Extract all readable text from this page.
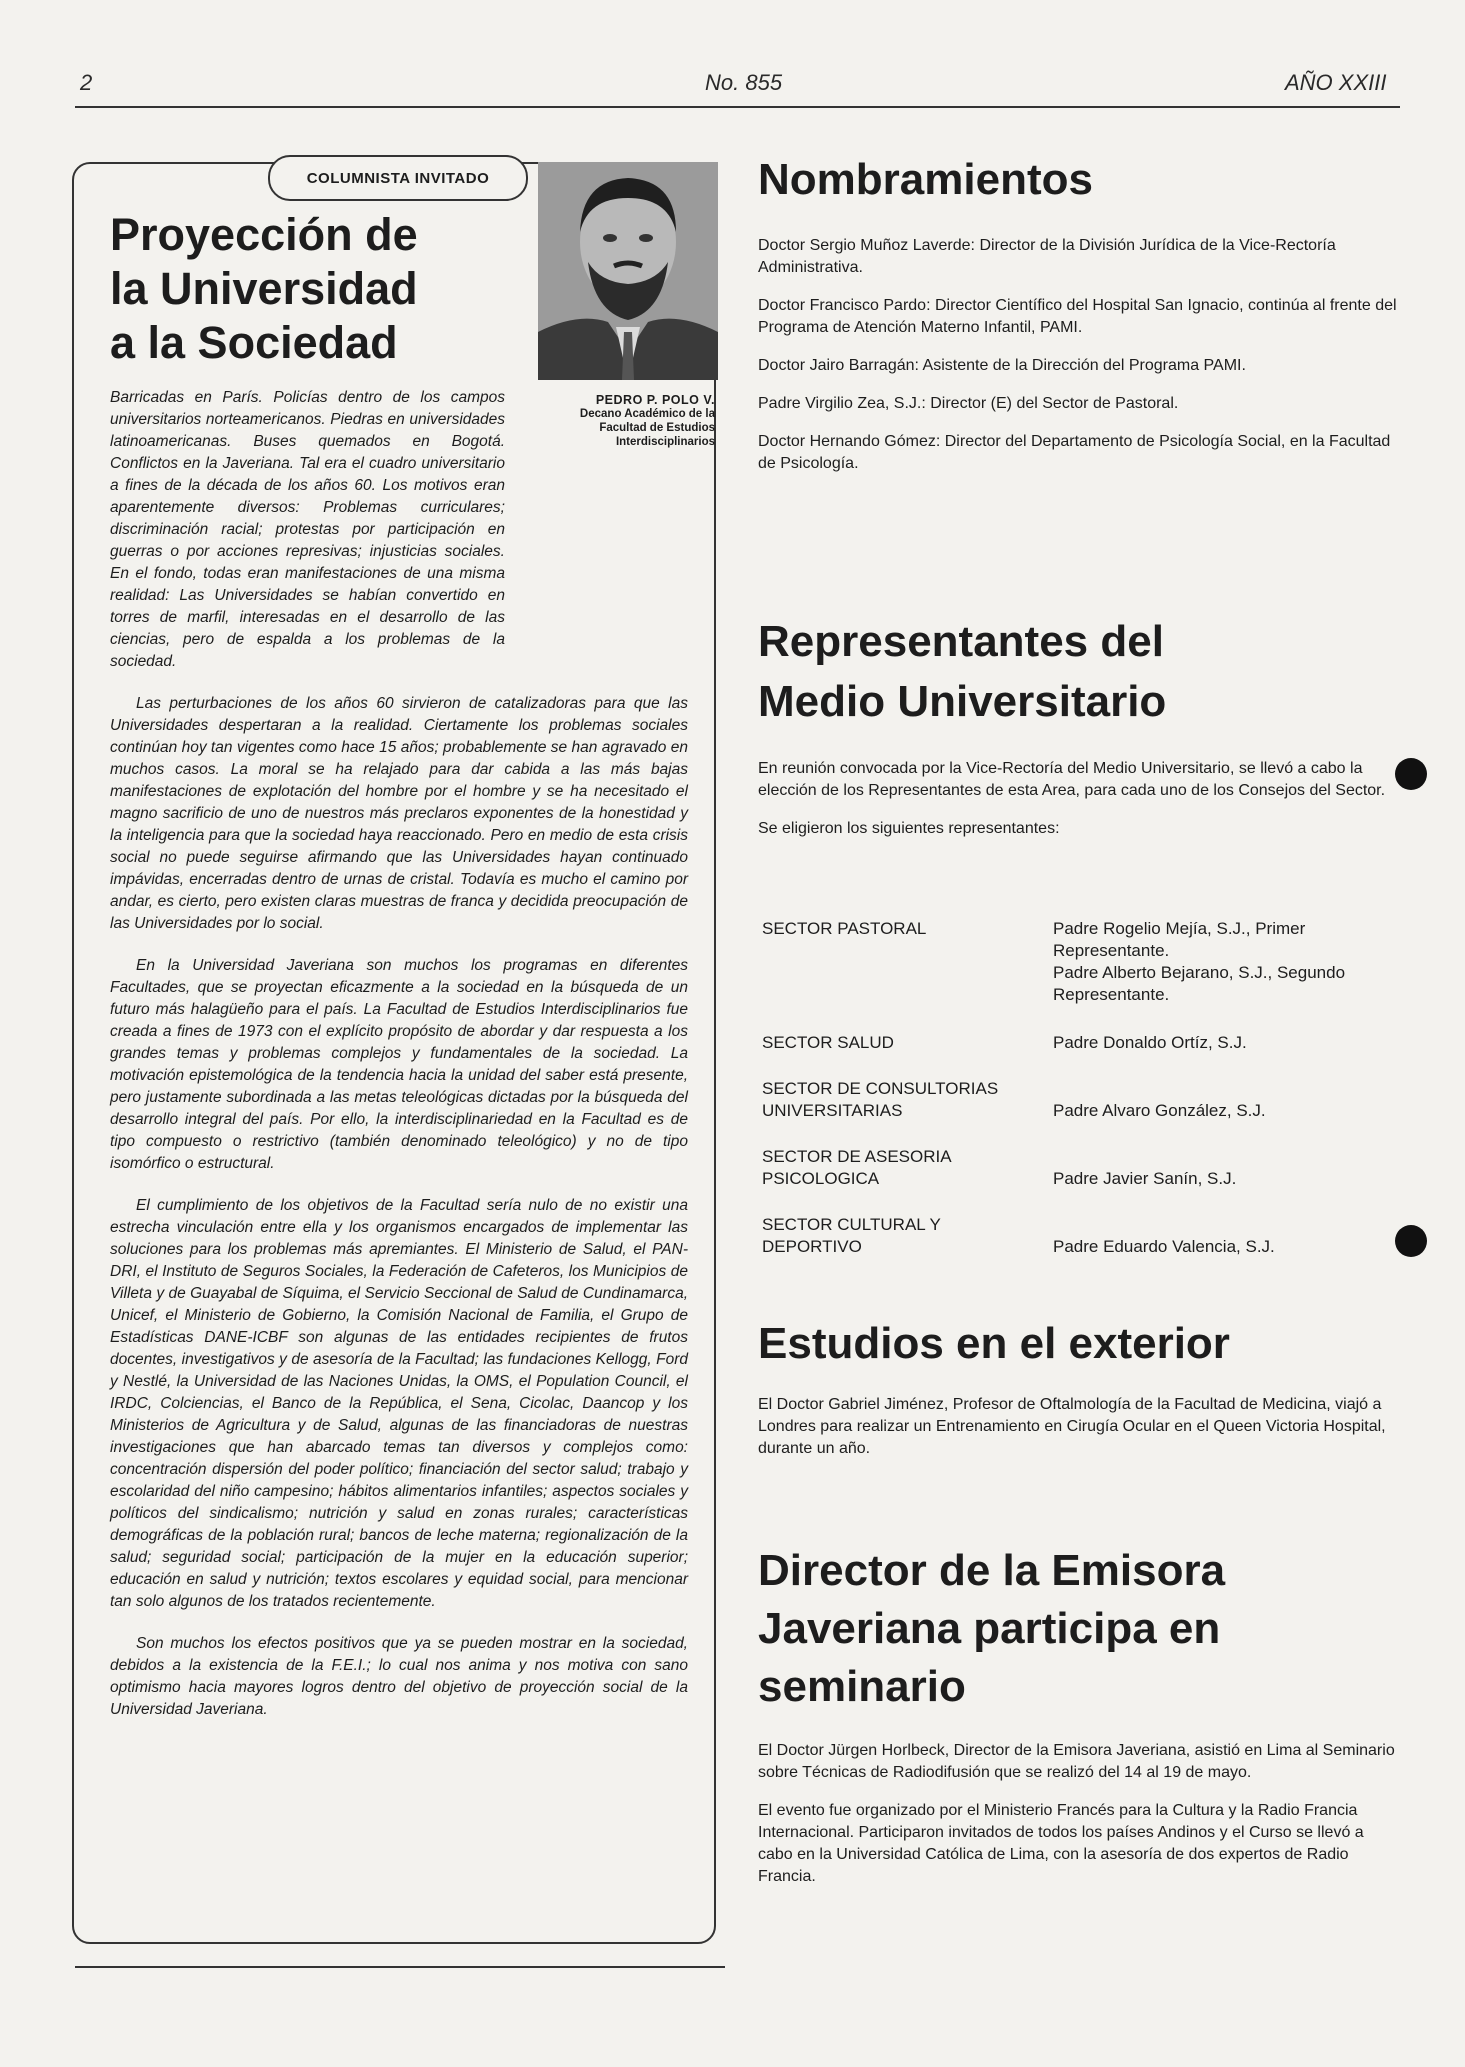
2	No. 855	AÑO XXIII
COLUMNISTA INVITADO
Proyección de
la Universidad
a la Sociedad
PEDRO P. POLO V.
Decano Académico de la
Facultad de Estudios
Interdisciplinarios

Barricadas en París. Policías dentro de los campos universitarios norteamericanos. Piedras en universidades latinoamericanas. Buses quemados en Bogotá. Conflictos en la Javeriana. Tal era el cuadro universitario a fines de la década de los años 60. Los motivos eran aparentemente diversos: Problemas curriculares; discriminación racial; protestas por participación en guerras o por acciones represivas; injusticias sociales. En el fondo, todas eran manifestaciones de una misma realidad: Las Universidades se habían convertido en torres de marfil, interesadas en el desarrollo de las ciencias, pero de espalda a los problemas de la sociedad.

Las perturbaciones de los años 60 sirvieron de catalizadoras para que las Universidades despertaran a la realidad. Ciertamente los problemas sociales continúan hoy tan vigentes como hace 15 años; probablemente se han agravado en muchos casos. La moral se ha relajado para dar cabida a las más bajas manifestaciones de explotación del hombre por el hombre y se ha necesitado el magno sacrificio de uno de nuestros más preclaros exponentes de la honestidad y la inteligencia para que la sociedad haya reaccionado. Pero en medio de esta crisis social no puede seguirse afirmando que las Universidades hayan continuado impávidas, encerradas dentro de urnas de cristal. Todavía es mucho el camino por andar, es cierto, pero existen claras muestras de franca y decidida preocupación de las Universidades por lo social.

En la Universidad Javeriana son muchos los programas en diferentes Facultades, que se proyectan eficazmente a la sociedad en la búsqueda de un futuro más halagüeño para el país. La Facultad de Estudios Interdisciplinarios fue creada a fines de 1973 con el explícito propósito de abordar y dar respuesta a los grandes temas y problemas complejos y fundamentales de la sociedad. La motivación epistemológica de la tendencia hacia la unidad del saber está presente, pero justamente subordinada a las metas teleológicas dictadas por la búsqueda del desarrollo integral del país. Por ello, la interdisciplinariedad en la Facultad es de tipo compuesto o restrictivo (también denominado teleológico) y no de tipo isomórfico o estructural.

El cumplimiento de los objetivos de la Facultad sería nulo de no existir una estrecha vinculación entre ella y los organismos encargados de implementar las soluciones para los problemas más apremiantes. El Ministerio de Salud, el PAN-DRI, el Instituto de Seguros Sociales, la Federación de Cafeteros, los Municipios de Villeta y de Guayabal de Síquima, el Servicio Seccional de Salud de Cundinamarca, Unicef, el Ministerio de Gobierno, la Comisión Nacional de Familia, el Grupo de Estadísticas DANE-ICBF son algunas de las entidades recipientes de frutos docentes, investigativos y de asesoría de la Facultad; las fundaciones Kellogg, Ford y Nestlé, la Universidad de las Naciones Unidas, la OMS, el Population Council, el IRDC, Colciencias, el Banco de la República, el Sena, Cicolac, Daancop y los Ministerios de Agricultura y de Salud, algunas de las financiadoras de nuestras investigaciones que han abarcado temas tan diversos y complejos como: concentración dispersión del poder político; financiación del sector salud; trabajo y escolaridad del niño campesino; hábitos alimentarios infantiles; aspectos sociales y políticos del sindicalismo; nutrición y salud en zonas rurales; características demográficas de la población rural; bancos de leche materna; regionalización de la salud; seguridad social; participación de la mujer en la educación superior; educación en salud y nutrición; textos escolares y equidad social, para mencionar tan solo algunos de los tratados recientemente.

Son muchos los efectos positivos que ya se pueden mostrar en la sociedad, debidos a la existencia de la F.E.I.; lo cual nos anima y nos motiva con sano optimismo hacia mayores logros dentro del objetivo de proyección social de la Universidad Javeriana.

Nombramientos

Doctor Sergio Muñoz Laverde: Director de la División Jurídica de la Vice-Rectoría Administrativa.

Doctor Francisco Pardo: Director Científico del Hospital San Ignacio, continúa al frente del Programa de Atención Materno Infantil, PAMI.

Doctor Jairo Barragán: Asistente de la Dirección del Programa PAMI.

Padre Virgilio Zea, S.J.: Director (E) del Sector de Pastoral.

Doctor Hernando Gómez: Director del Departamento de Psicología Social, en la Facultad de Psicología.

Representantes del
Medio Universitario

En reunión convocada por la Vice-Rectoría del Medio Universitario, se llevó a cabo la elección de los Representantes de esta Area, para cada uno de los Consejos del Sector.

Se eligieron los siguientes representantes:

SECTOR PASTORAL	Padre Rogelio Mejía, S.J., Primer Representante.
Padre Alberto Bejarano, S.J., Segundo Representante.
SECTOR SALUD	Padre Donaldo Ortíz, S.J.
SECTOR DE CONSULTORIAS UNIVERSITARIAS	Padre Alvaro González, S.J.
SECTOR DE ASESORIA PSICOLOGICA	Padre Javier Sanín, S.J.
SECTOR CULTURAL Y DEPORTIVO	Padre Eduardo Valencia, S.J.
Estudios en el exterior

El Doctor Gabriel Jiménez, Profesor de Oftalmología de la Facultad de Medicina, viajó a Londres para realizar un Entrenamiento en Cirugía Ocular en el Queen Victoria Hospital, durante un año.

Director de la Emisora
Javeriana participa en
seminario

El Doctor Jürgen Horlbeck, Director de la Emisora Javeriana, asistió en Lima al Seminario sobre Técnicas de Radiodifusión que se realizó del 14 al 19 de mayo.

El evento fue organizado por el Ministerio Francés para la Cultura y la Radio Francia Internacional. Participaron invitados de todos los países Andinos y el Curso se llevó a cabo en la Universidad Católica de Lima, con la asesoría de dos expertos de Radio Francia.
